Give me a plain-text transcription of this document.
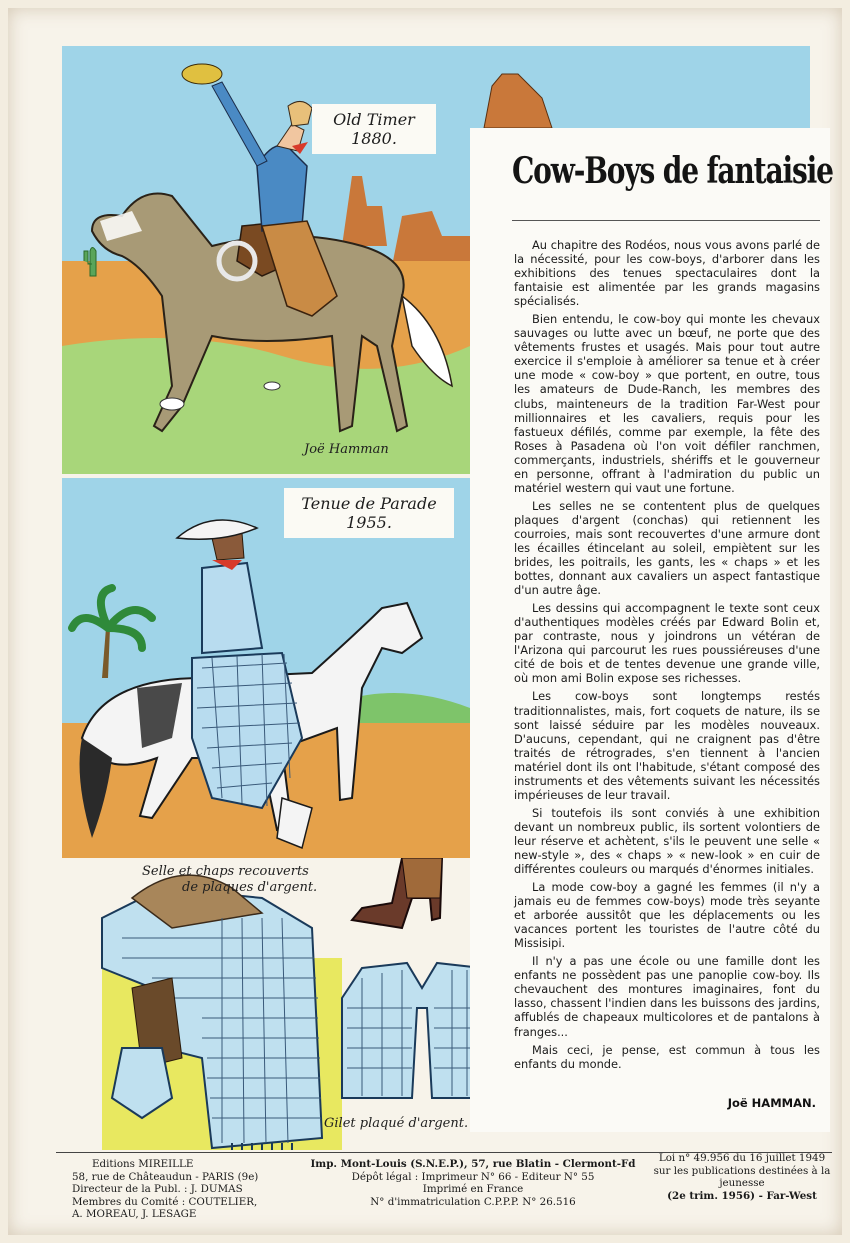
Old Timer
1880.
Joë Hamman
Tenue de Parade
1955.
Selle et chaps recouverts
de plaques d'argent.
Gilet plaqué d'argent.
Cow-Boys de fantaisie

Au chapitre des Rodéos, nous vous avons parlé de la nécessité, pour les cow-boys, d'arborer dans les exhibitions des tenues spectaculaires dont la fantaisie est alimentée par les grands magasins spécialisés.

Bien entendu, le cow-boy qui monte les chevaux sauvages ou lutte avec un bœuf, ne porte que des vêtements frustes et usagés. Mais pour tout autre exercice il s'emploie à améliorer sa tenue et à créer une mode « cow-boy » que portent, en outre, tous les amateurs de Dude-Ranch, les membres des clubs, mainteneurs de la tradition Far-West pour millionnaires et les cavaliers, requis pour les fastueux défilés, comme par exemple, la fête des Roses à Pasadena où l'on voit défiler ranchmen, commerçants, industriels, shériffs et le gouverneur en personne, offrant à l'admiration du public un matériel western qui vaut une fortune.

Les selles ne se contentent plus de quelques plaques d'argent (conchas) qui retiennent les courroies, mais sont recouvertes d'une armure dont les écailles étincelant au soleil, empiètent sur les brides, les poitrails, les gants, les « chaps » et les bottes, donnant aux cavaliers un aspect fantastique d'un autre âge.

Les dessins qui accompagnent le texte sont ceux d'authentiques modèles créés par Edward Bolin et, par contraste, nous y joindrons un vétéran de l'Arizona qui parcourut les rues poussiéreuses d'une cité de bois et de tentes devenue une grande ville, où mon ami Bolin expose ses richesses.

Les cow-boys sont longtemps restés traditionnalistes, mais, fort coquets de nature, ils se sont laissé séduire par les modèles nouveaux. D'aucuns, cependant, qui ne craignent pas d'être traités de rétrogrades, s'en tiennent à l'ancien matériel dont ils ont l'habitude, s'étant composé des instruments et des vêtements suivant les nécessités impérieuses de leur travail.

Si toutefois ils sont conviés à une exhibition devant un nombreux public, ils sortent volontiers de leur réserve et achètent, s'ils le peuvent une selle « new-style », des « chaps » « new-look » en cuir de différentes couleurs ou marqués d'énormes initiales.

La mode cow-boy a gagné les femmes (il n'y a jamais eu de femmes cow-boys) mode très seyante et arborée aussitôt que les déplacements ou les vacances portent les touristes de l'autre côté du Missisipi.

Il n'y a pas une école ou une famille dont les enfants ne possèdent pas une panoplie cow-boy. Ils chevauchent des montures imaginaires, font du lasso, chassent l'indien dans les buissons des jardins, affublés de chapeaux multicolores et de pantalons à franges...

Mais ceci, je pense, est commun à tous les enfants du monde.

Joë HAMMAN.
Editions MIREILLE
58, rue de Châteaudun - PARIS (9e)
Directeur de la Publ. : J. DUMAS
Membres du Comité : COUTELIER,
A. MOREAU, J. LESAGE
Imp. Mont-Louis (S.N.E.P.), 57, rue Blatin - Clermont-Fd
Dépôt légal : Imprimeur N° 66 - Editeur N° 55
Imprimé en France
N° d'immatriculation C.P.P.P. N° 26.516
Loi n° 49.956 du 16 juillet 1949
sur les publications destinées à la jeunesse
(2e trim. 1956) - Far-West
